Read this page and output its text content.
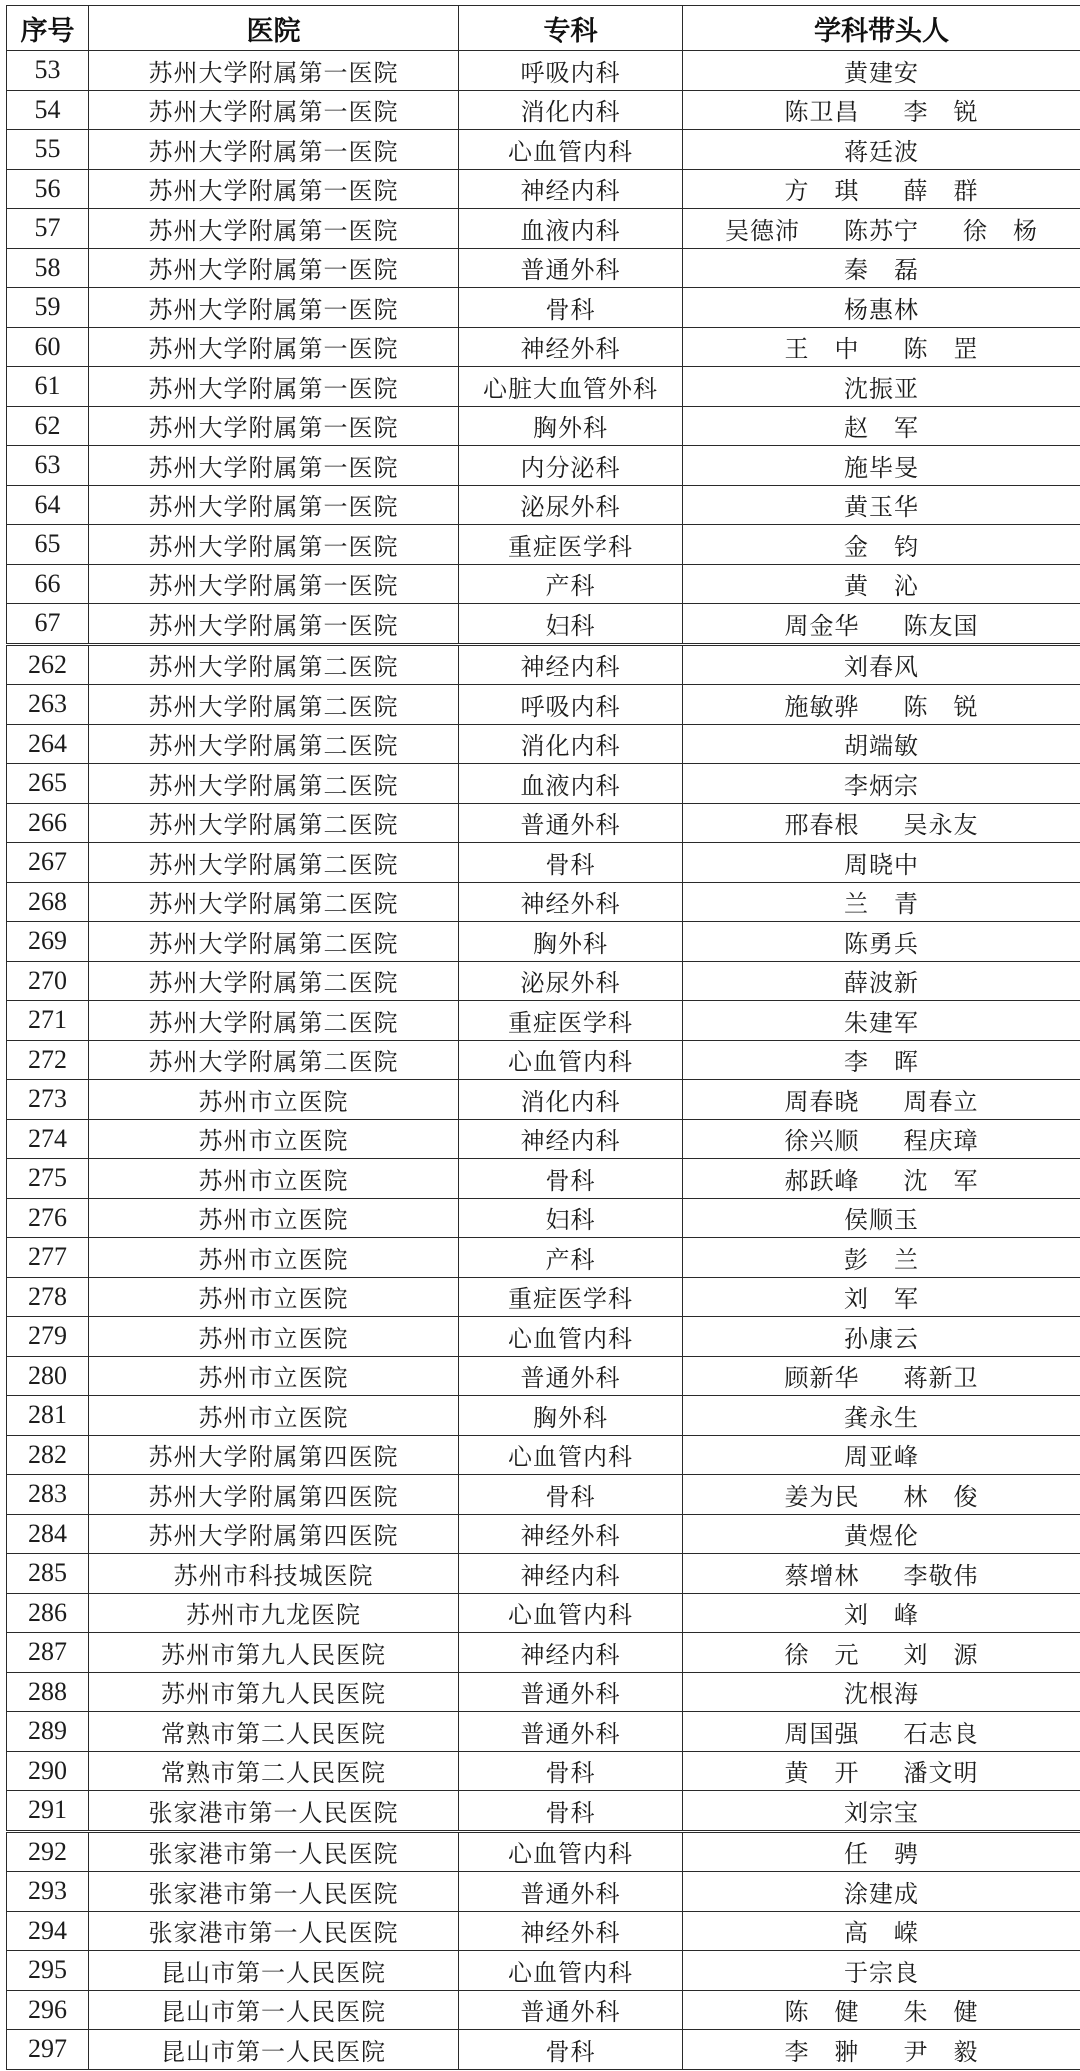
序号	医院	专科	学科带头人
53	苏州大学附属第一医院	呼吸内科	黄建安

54	苏州大学附属第一医院	消化内科	陈卫昌 李　锐

55	苏州大学附属第一医院	心血管内科	蒋廷波

56	苏州大学附属第一医院	神经内科	方　琪 薛　群

57	苏州大学附属第一医院	血液内科	吴德沛 陈苏宁 徐　杨

58	苏州大学附属第一医院	普通外科	秦　磊

59	苏州大学附属第一医院	骨科	杨惠林

60	苏州大学附属第一医院	神经外科	王　中 陈　罡

61	苏州大学附属第一医院	心脏大血管外科	沈振亚

62	苏州大学附属第一医院	胸外科	赵　军

63	苏州大学附属第一医院	内分泌科	施毕旻

64	苏州大学附属第一医院	泌尿外科	黄玉华

65	苏州大学附属第一医院	重症医学科	金　钧

66	苏州大学附属第一医院	产科	黄　沁

67	苏州大学附属第一医院	妇科	周金华 陈友国

262	苏州大学附属第二医院	神经内科	刘春风

263	苏州大学附属第二医院	呼吸内科	施敏骅 陈　锐

264	苏州大学附属第二医院	消化内科	胡端敏

265	苏州大学附属第二医院	血液内科	李炳宗

266	苏州大学附属第二医院	普通外科	邢春根 吴永友

267	苏州大学附属第二医院	骨科	周晓中

268	苏州大学附属第二医院	神经外科	兰　青

269	苏州大学附属第二医院	胸外科	陈勇兵

270	苏州大学附属第二医院	泌尿外科	薛波新

271	苏州大学附属第二医院	重症医学科	朱建军

272	苏州大学附属第二医院	心血管内科	李　晖

273	苏州市立医院	消化内科	周春晓 周春立

274	苏州市立医院	神经内科	徐兴顺 程庆璋

275	苏州市立医院	骨科	郝跃峰 沈　军

276	苏州市立医院	妇科	侯顺玉

277	苏州市立医院	产科	彭　兰

278	苏州市立医院	重症医学科	刘　军

279	苏州市立医院	心血管内科	孙康云

280	苏州市立医院	普通外科	顾新华 蒋新卫

281	苏州市立医院	胸外科	龚永生

282	苏州大学附属第四医院	心血管内科	周亚峰

283	苏州大学附属第四医院	骨科	姜为民 林　俊

284	苏州大学附属第四医院	神经外科	黄煜伦

285	苏州市科技城医院	神经内科	蔡增林 李敬伟

286	苏州市九龙医院	心血管内科	刘　峰

287	苏州市第九人民医院	神经内科	徐　元 刘　源

288	苏州市第九人民医院	普通外科	沈根海

289	常熟市第二人民医院	普通外科	周国强 石志良

290	常熟市第二人民医院	骨科	黄　开 潘文明

291	张家港市第一人民医院	骨科	刘宗宝

292	张家港市第一人民医院	心血管内科	任　骋

293	张家港市第一人民医院	普通外科	涂建成

294	张家港市第一人民医院	神经外科	高　嵘

295	昆山市第一人民医院	心血管内科	于宗良

296	昆山市第一人民医院	普通外科	陈　健 朱　健

297	昆山市第一人民医院	骨科	李　翀 尹　毅
